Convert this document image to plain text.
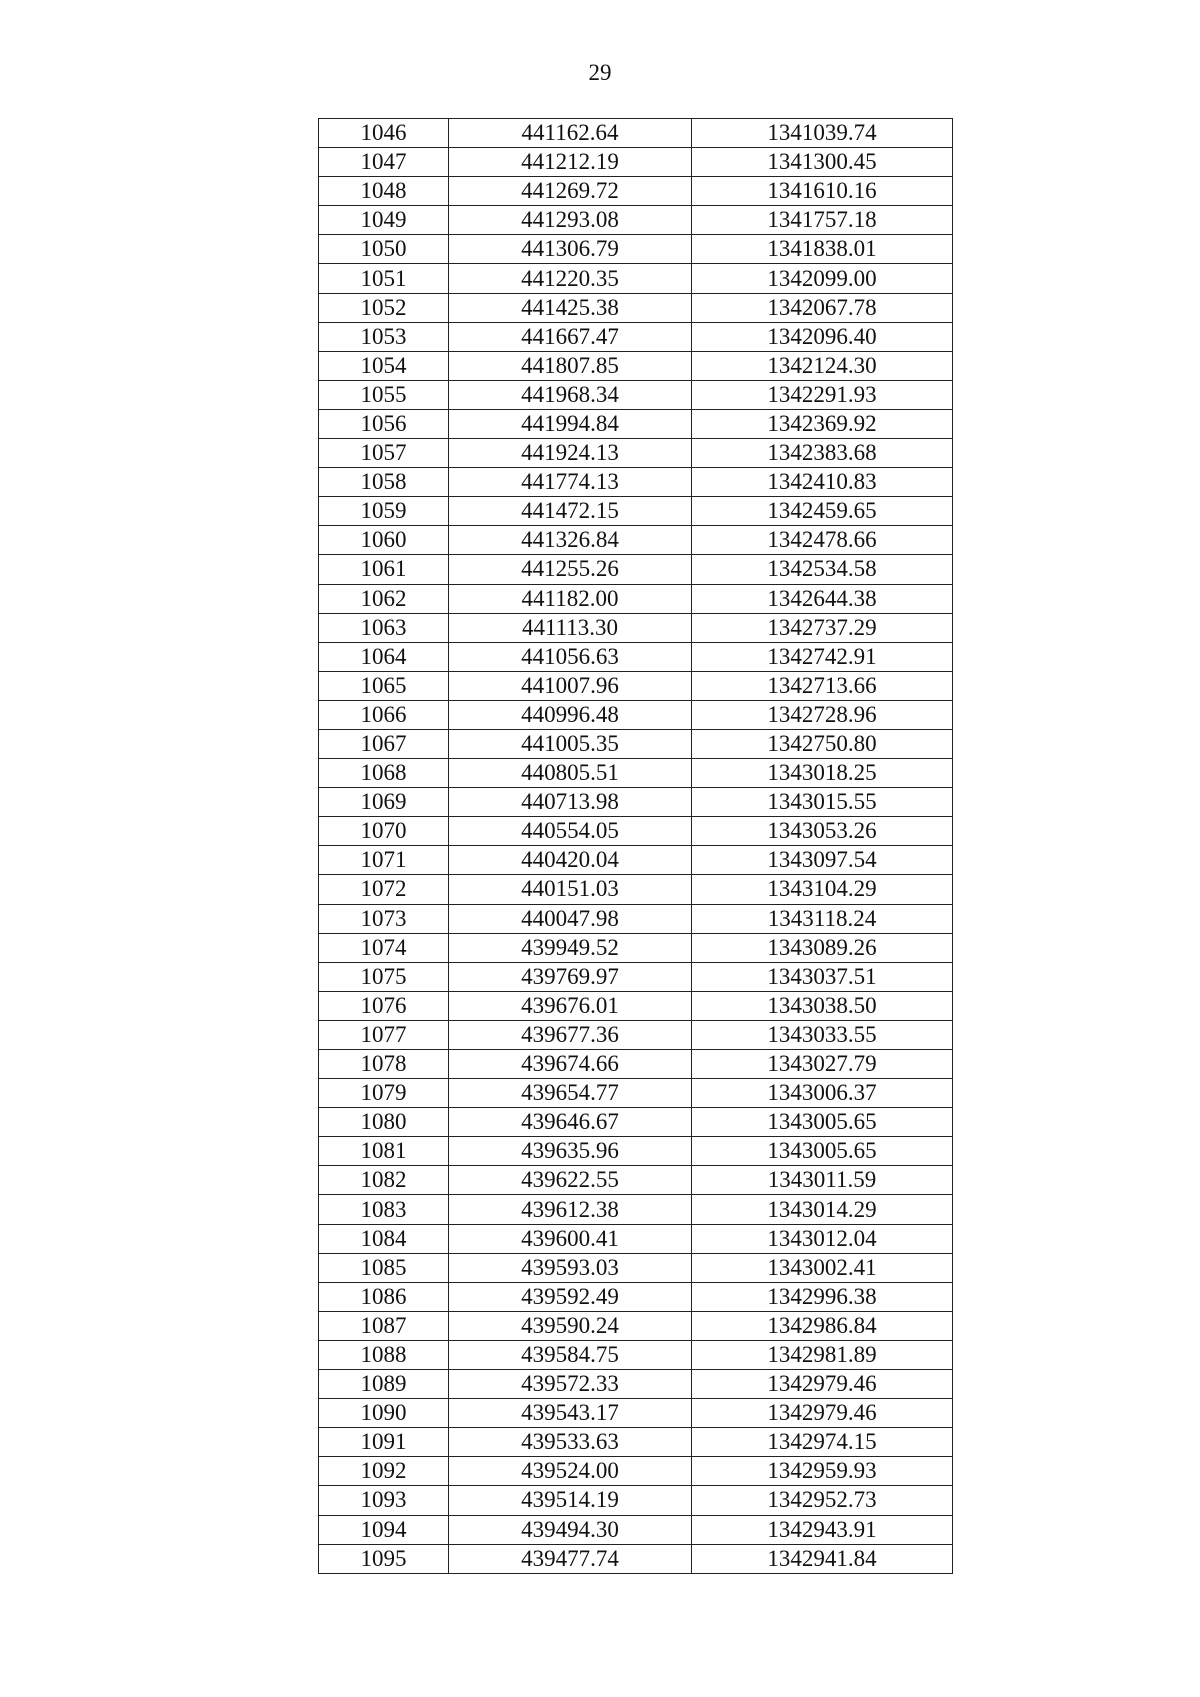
29
1046	441162.64	1341039.74
1047	441212.19	1341300.45
1048	441269.72	1341610.16
1049	441293.08	1341757.18
1050	441306.79	1341838.01
1051	441220.35	1342099.00
1052	441425.38	1342067.78
1053	441667.47	1342096.40
1054	441807.85	1342124.30
1055	441968.34	1342291.93
1056	441994.84	1342369.92
1057	441924.13	1342383.68
1058	441774.13	1342410.83
1059	441472.15	1342459.65
1060	441326.84	1342478.66
1061	441255.26	1342534.58
1062	441182.00	1342644.38
1063	441113.30	1342737.29
1064	441056.63	1342742.91
1065	441007.96	1342713.66
1066	440996.48	1342728.96
1067	441005.35	1342750.80
1068	440805.51	1343018.25
1069	440713.98	1343015.55
1070	440554.05	1343053.26
1071	440420.04	1343097.54
1072	440151.03	1343104.29
1073	440047.98	1343118.24
1074	439949.52	1343089.26
1075	439769.97	1343037.51
1076	439676.01	1343038.50
1077	439677.36	1343033.55
1078	439674.66	1343027.79
1079	439654.77	1343006.37
1080	439646.67	1343005.65
1081	439635.96	1343005.65
1082	439622.55	1343011.59
1083	439612.38	1343014.29
1084	439600.41	1343012.04
1085	439593.03	1343002.41
1086	439592.49	1342996.38
1087	439590.24	1342986.84
1088	439584.75	1342981.89
1089	439572.33	1342979.46
1090	439543.17	1342979.46
1091	439533.63	1342974.15
1092	439524.00	1342959.93
1093	439514.19	1342952.73
1094	439494.30	1342943.91
1095	439477.74	1342941.84
